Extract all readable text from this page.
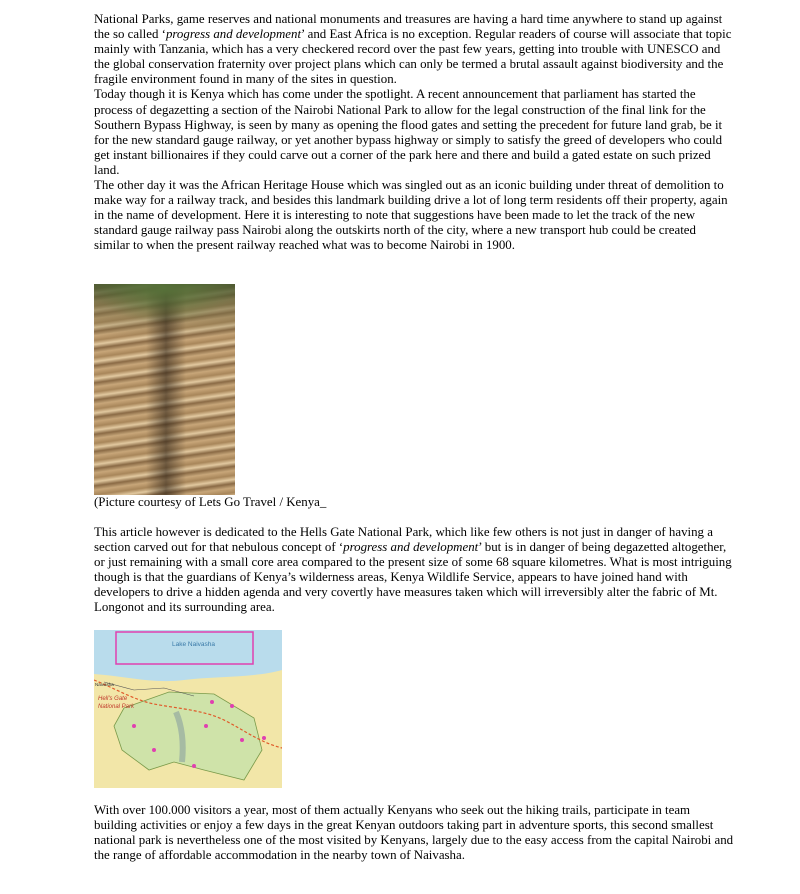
National Parks, game reserves and national monuments and treasures are having a hard time anywhere to stand up against the so called ‘progress and development’ and East Africa is no exception. Regular readers of course will associate that topic mainly with Tanzania, which has a very checkered record over the past few years, getting into trouble with UNESCO and the global conservation fraternity over project plans which can only be termed a brutal assault against biodiversity and the fragile environment found in many of the sites in question.

Today though it is Kenya which has come under the spotlight. A recent announcement that parliament has started the process of degazetting a section of the Nairobi National Park to allow for the legal construction of the final link for the Southern Bypass Highway, is seen by many as opening the flood gates and setting the precedent for future land grab, be it for the new standard gauge railway, or yet another bypass highway or simply to satisfy the greed of developers who could get instant billionaires if they could carve out a corner of the park here and there and build a gated estate on such prized land.

The other day it was the African Heritage House which was singled out as an iconic building under threat of demolition to make way for a railway track, and besides this landmark building drive a lot of long term residents off their property, again in the name of development. Here it is interesting to note that suggestions have been made to let the track of the new standard gauge railway pass Nairobi along the outskirts north of the city, where a new transport hub could be created similar to when the present railway reached what was to become Nairobi in 1900.

(Picture courtesy of Lets Go Travel / Kenya_

This article however is dedicated to the Hells Gate National Park, which like few others is not just in danger of having a section carved out for that nebulous concept of ‘progress and development’ but is in danger of being degazetted altogether, or just remaining with a small core area compared to the present size of some 68 square kilometres. What is most intriguing though is that the guardians of Kenya’s wilderness areas, Kenya Wildlife Service, appears to have joined hand with developers to drive a hidden agenda and very covertly have measures taken which will irreversibly alter the fabric of Mt. Longonot and its surrounding area.

Lake Naivasha
Hell's Gate
National Park
Naivasha

With over 100.000 visitors a year, most of them actually Kenyans who seek out the hiking trails, participate in team building activities or enjoy a few days in the great Kenyan outdoors taking part in adventure sports, this second smallest national park is nevertheless one of the most visited by Kenyans, largely due to the easy access from the capital Nairobi and the range of affordable accommodation in the nearby town of Naivasha.
